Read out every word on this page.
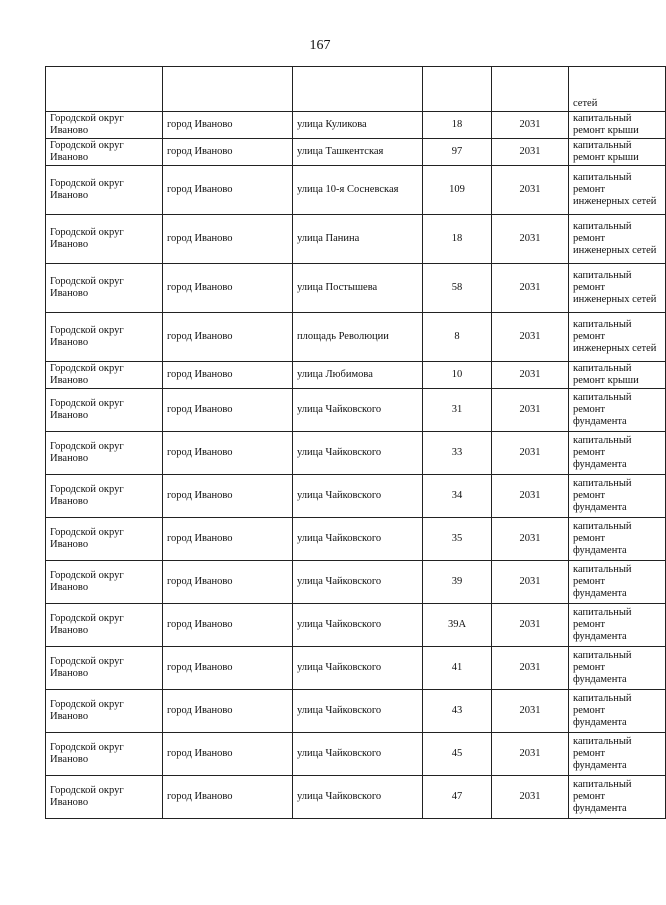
167
					сетей
Городской округ Иваново	город Иваново	улица Куликова	18	2031	капитальный ремонт крыши
Городской округ Иваново	город Иваново	улица Ташкентская	97	2031	капитальный ремонт крыши
Городской округ Иваново	город Иваново	улица 10-я Сосневская	109	2031	капитальный ремонт инженерных сетей
Городской округ Иваново	город Иваново	улица Панина	18	2031	капитальный ремонт инженерных сетей
Городской округ Иваново	город Иваново	улица Постышева	58	2031	капитальный ремонт инженерных сетей
Городской округ Иваново	город Иваново	площадь Революции	8	2031	капитальный ремонт инженерных сетей
Городской округ Иваново	город Иваново	улица Любимова	10	2031	капитальный ремонт крыши
Городской округ Иваново	город Иваново	улица Чайковского	31	2031	капитальный ремонт фундамента
Городской округ Иваново	город Иваново	улица Чайковского	33	2031	капитальный ремонт фундамента
Городской округ Иваново	город Иваново	улица Чайковского	34	2031	капитальный ремонт фундамента
Городской округ Иваново	город Иваново	улица Чайковского	35	2031	капитальный ремонт фундамента
Городской округ Иваново	город Иваново	улица Чайковского	39	2031	капитальный ремонт фундамента
Городской округ Иваново	город Иваново	улица Чайковского	39А	2031	капитальный ремонт фундамента
Городской округ Иваново	город Иваново	улица Чайковского	41	2031	капитальный ремонт фундамента
Городской округ Иваново	город Иваново	улица Чайковского	43	2031	капитальный ремонт фундамента
Городской округ Иваново	город Иваново	улица Чайковского	45	2031	капитальный ремонт фундамента
Городской округ Иваново	город Иваново	улица Чайковского	47	2031	капитальный ремонт фундамента
